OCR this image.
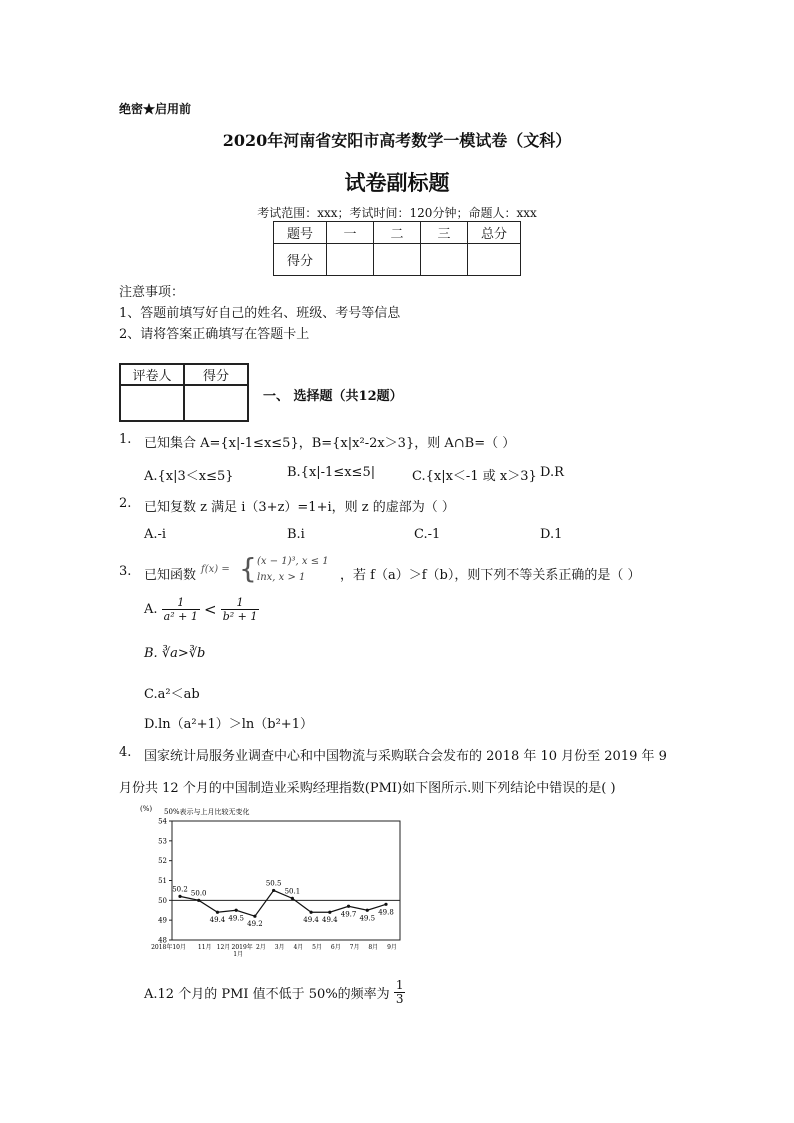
绝密★启用前
2020年河南省安阳市高考数学一模试卷（文科）
试卷副标题
考试范围：xxx；考试时间：120分钟；命题人：xxx
题号	一	二	三	总分
得分				
注意事项：
1、答题前填写好自己的姓名、班级、考号等信息
2、请将答案正确填写在答题卡上
评卷人	得分

一、 选择题（共12题）
1. 已知集合 A={x|-1≤x≤5}，B={x|x²-2x＞3}，则 A∩B=（ ）
A.{x|3＜x≤5}	B.{x|-1≤x≤5|	C.{x|x＜-1 或 x＞3} D.R
2. 已知复数 z 满足 i（3+z）=1+i，则 z 的虚部为（ ）
A.-i	B.i	C.-1	D.1
3. 已知函数 f(x) = { (x − 1)³, x ≤ 1
lnx, x > 1	，若 f（a）＞f（b），则下列不等关系正确的是（ ）
A. $\frac{1}{\text{a² + 1}} < \frac{1}{\text{b² + 1}}$
B. ∛a>∛b
C.a²＜ab
D.ln（a²+1）＞ln（b²+1）
4. 国家统计局服务业调查中心和中国物流与采购联合会发布的 2018 年 10 月份至 2019 年 9
月份共 12 个月的中国制造业采购经理指数(PMI)如下图所示.则下列结论中错误的是( )
(%) 50%表示与上月比较无变化
54
53
52
51
50
49
48
2018年10月 11月 12月 2019年 2月 3月 4月 5月 6月 7月 8月 9月
1月
50.2 50.0
49.4 49.5
49.2
50.5
50.1
49.4 49.4
49.7 49.5
49.8
A.12 个月的 PMI 值不低于 50%的频率为 $\frac{1}{3}$
